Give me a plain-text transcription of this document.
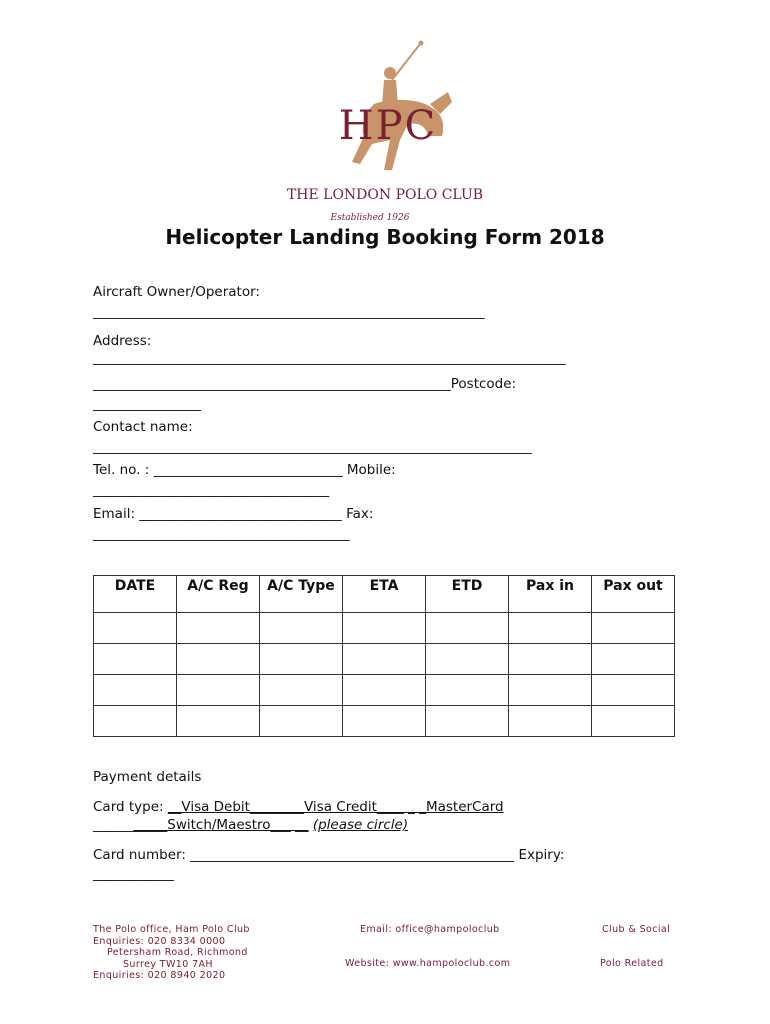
HPC
THE LONDON POLO CLUB
Established 1926
Helicopter Landing Booking Form 2018
Aircraft Owner/Operator:
__________________________________________________________
Address:
______________________________________________________________________
_____________________________________________________Postcode:
________________
Contact name:
_________________________________________________________________
Tel. no. : ____________________________ Mobile:
___________________________________
Email: ______________________________ Fax:
______________________________________
DATE	A/C Reg	A/C Type	ETA	ETD	Pax in	Pax out

Payment details
Card type: __Visa Debit________Visa Credit____ _ _MasterCard
___________Switch/Maestro___ __ (please circle)
Card number: ________________________________________________ Expiry:
____________
The Polo office, Ham Polo Club
Enquiries: 020 8334 0000
Petersham Road, Richmond
Surrey TW10 7AH
Enquiries: 020 8940 2020
Email: office@hampoloclub
Website: www.hampoloclub.com
Club & Social
Polo Related
